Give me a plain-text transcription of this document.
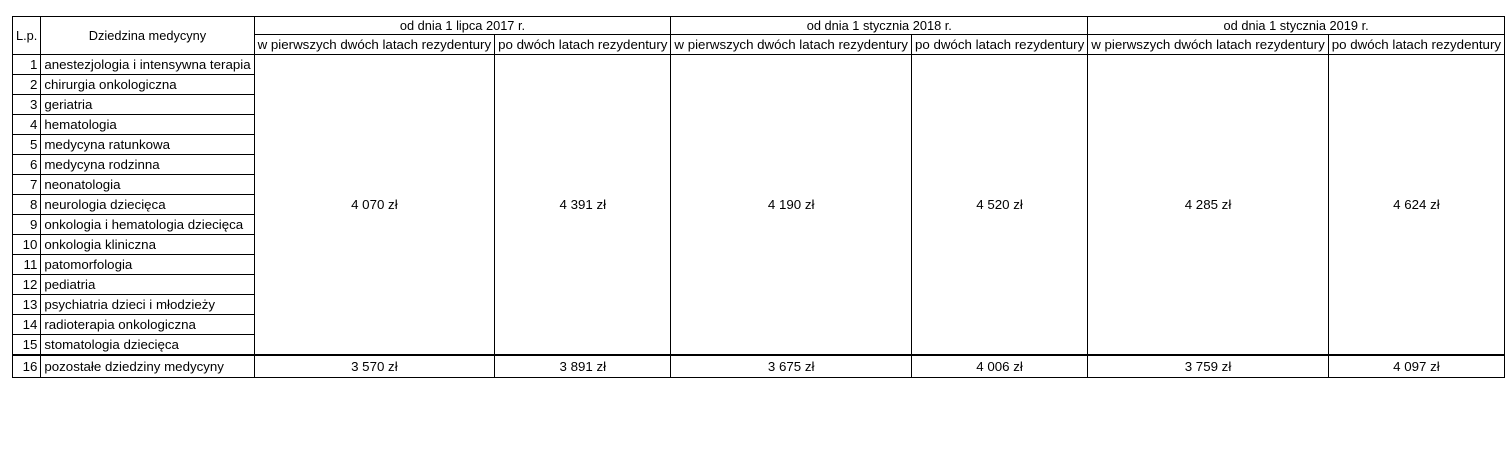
L.p.	Dziedzina medycyny	od dnia 1 lipca 2017 r.		od dnia 1 stycznia 2018 r.		od dnia 1 stycznia 2019 r.	
		w pierwszych dwóch latach rezydentury	po dwóch latach rezydentury	w pierwszych dwóch latach rezydentury	po dwóch latach rezydentury	w pierwszych dwóch latach rezydentury	po dwóch latach rezydentury
1	anestezjologia i intensywna terapia	4 070 zł	4 391 zł	4 190 zł	4 520 zł	4 285 zł	4 624 zł
2	chirurgia onkologiczna						
3	geriatria						
4	hematologia						
5	medycyna ratunkowa						
6	medycyna rodzinna						
7	neonatologia						
8	neurologia dziecięca						
9	onkologia i hematologia dziecięca						
10	onkologia kliniczna						
11	patomorfologia						
12	pediatria						
13	psychiatria dzieci i młodzieży						
14	radioterapia onkologiczna						
15	stomatologia dziecięca						
16	pozostałe dziedziny medycyny	3 570 zł	3 891 zł	3 675 zł	4 006 zł	3 759 zł	4 097 zł
